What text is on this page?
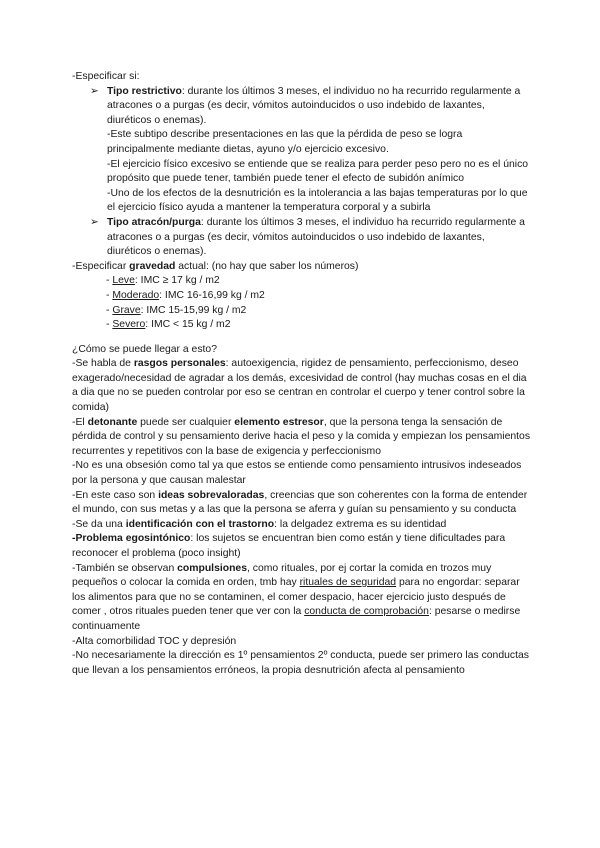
-Especificar si:

➢ Tipo restrictivo: durante los últimos 3 meses, el individuo no ha recurrido regularmente a atracones o a purgas (es decir, vómitos autoinducidos o uso indebido de laxantes, diuréticos o enemas).

-Este subtipo describe presentaciones en las que la pérdida de peso se logra principalmente mediante dietas, ayuno y/o ejercicio excesivo.

-El ejercicio físico excesivo se entiende que se realiza para perder peso pero no es el único propósito que puede tener, también puede tener el efecto de subidón anímico

-Uno de los efectos de la desnutrición es la intolerancia a las bajas temperaturas por lo que el ejercicio físico ayuda a mantener la temperatura corporal y a subirla

➢ Tipo atracón/purga: durante los últimos 3 meses, el individuo ha recurrido regularmente a atracones o a purgas (es decir, vómitos autoinducidos o uso indebido de laxantes, diuréticos o enemas).

-Especificar gravedad actual: (no hay que saber los números)

- Leve: IMC ≥ 17 kg / m2

- Moderado: IMC 16-16,99 kg / m2

- Grave: IMC 15-15,99 kg / m2

- Severo: IMC < 15 kg / m2

¿Cómo se puede llegar a esto?

-Se habla de rasgos personales: autoexigencia, rigidez de pensamiento, perfeccionismo, deseo exagerado/necesidad de agradar a los demás, excesividad de control (hay muchas cosas en el dia a dia que no se pueden controlar por eso se centran en controlar el cuerpo y tener control sobre la comida)

-El detonante puede ser cualquier elemento estresor, que la persona tenga la sensación de pérdida de control y su pensamiento derive hacia el peso y la comida y empiezan los pensamientos recurrentes y repetitivos con la base de exigencia y perfeccionismo

-No es una obsesión como tal ya que estos se entiende como pensamiento intrusivos indeseados por la persona y que causan malestar

-En este caso son ideas sobrevaloradas, creencias que son coherentes con la forma de entender el mundo, con sus metas y a las que la persona se aferra y guían su pensamiento y su conducta

-Se da una identificación con el trastorno: la delgadez extrema es su identidad

-Problema egosintónico: los sujetos se encuentran bien como están y tiene dificultades para reconocer el problema (poco insight)

-También se observan compulsiones, como rituales, por ej cortar la comida en trozos muy pequeños o colocar la comida en orden, tmb hay rituales de seguridad para no engordar: separar los alimentos para que no se contaminen, el comer despacio, hacer ejercicio justo después de comer , otros rituales pueden tener que ver con la conducta de comprobación: pesarse o medirse continuamente

-Alta comorbilidad TOC y depresión

-No necesariamente la dirección es 1º pensamientos 2º conducta, puede ser primero las conductas que llevan a los pensamientos erróneos, la propia desnutrición afecta al pensamiento
